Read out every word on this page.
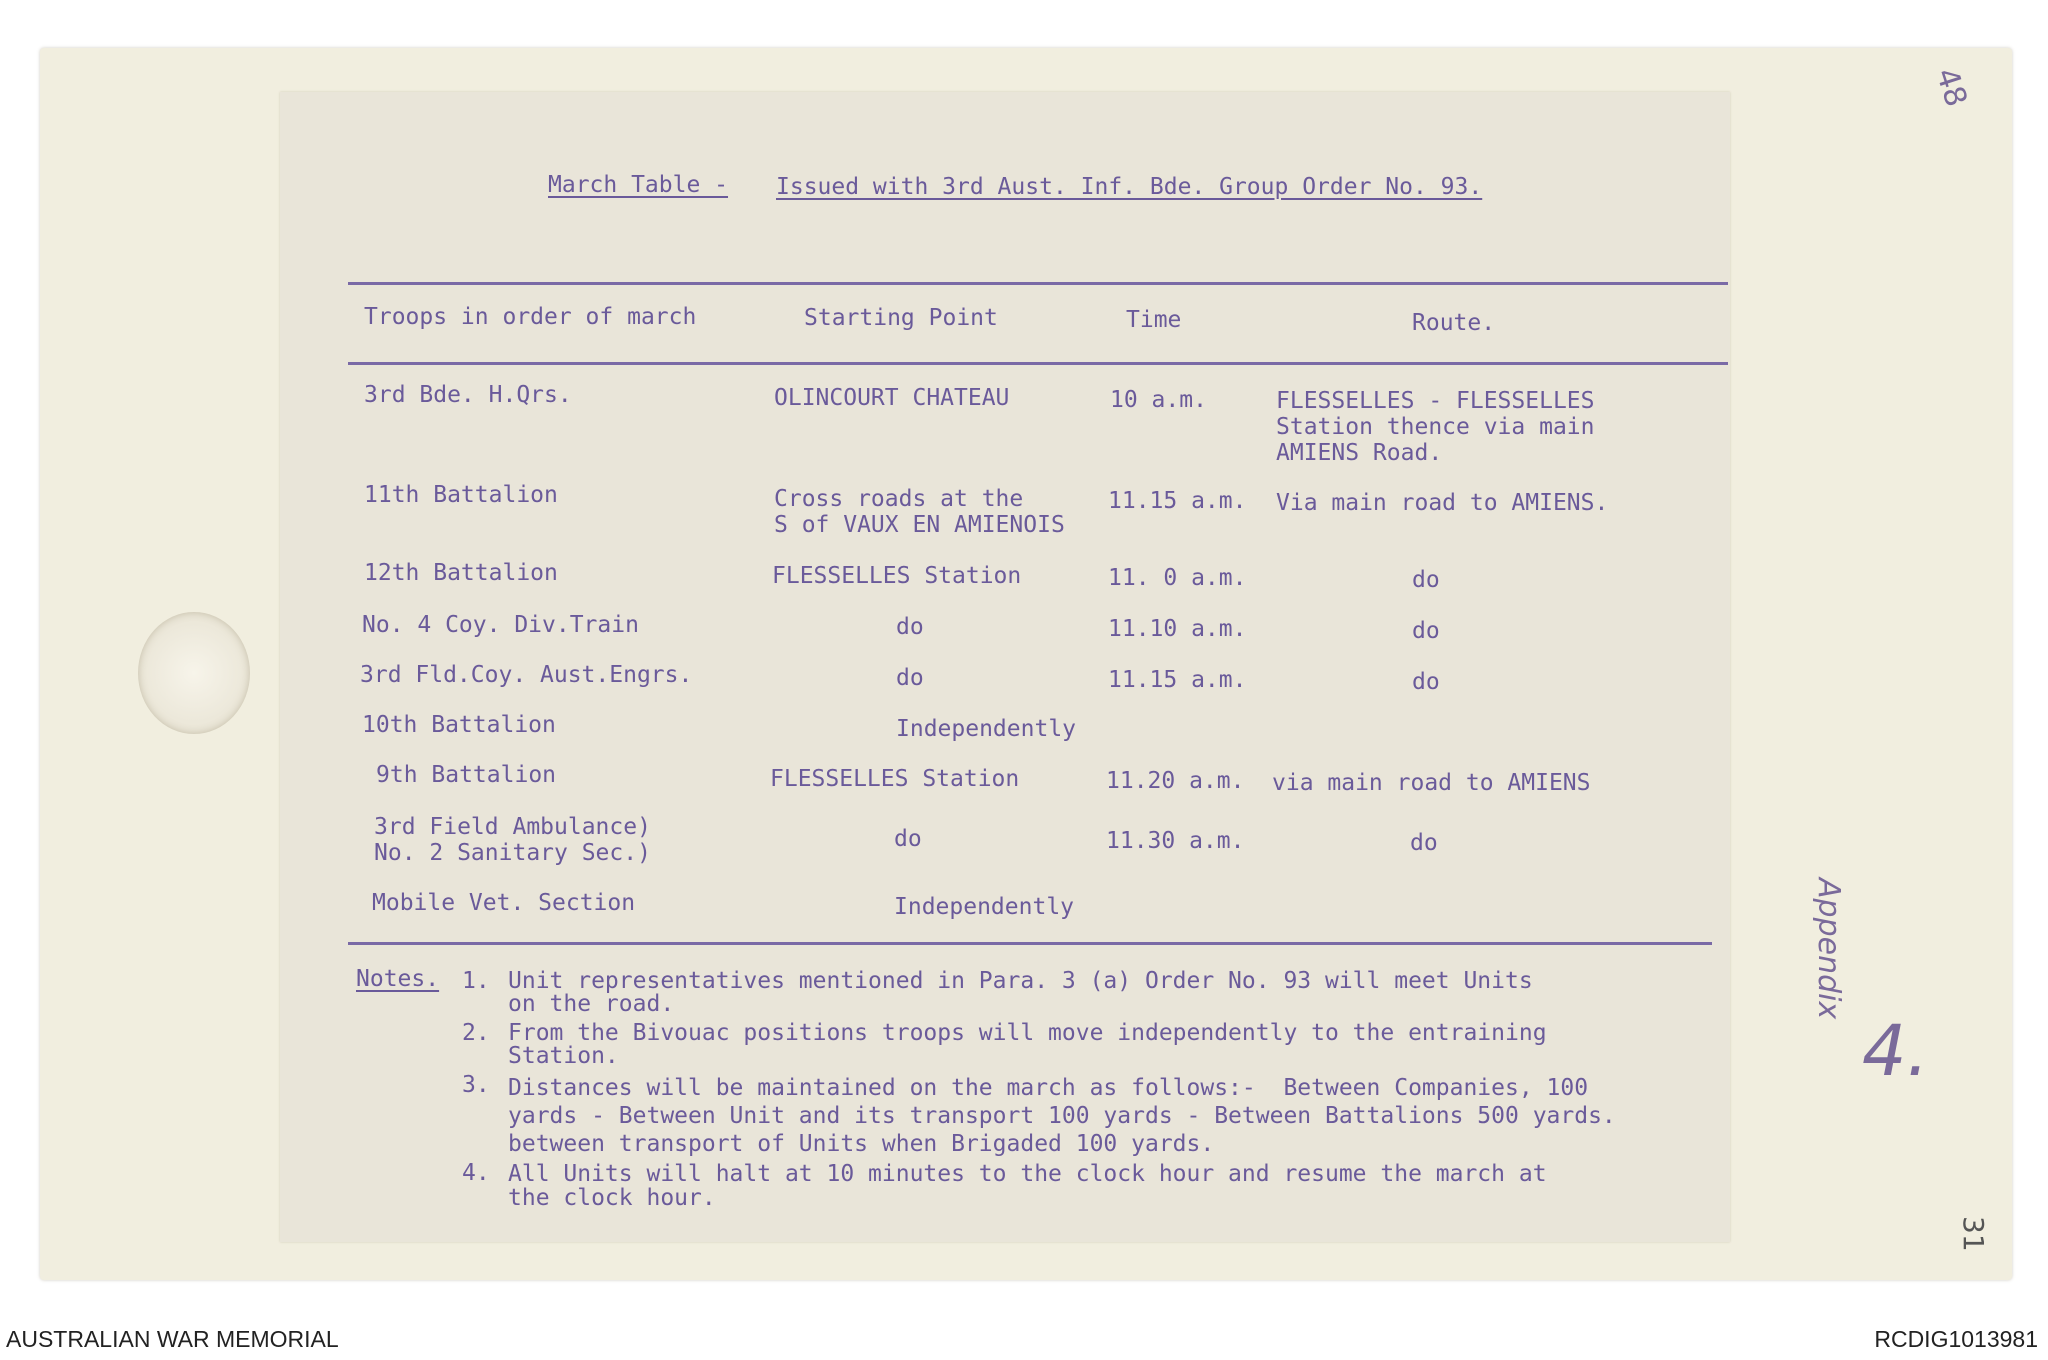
March Table - Issued with 3rd Aust. Inf. Bde. Group Order No. 93.
Troops in order of march	Starting Point	Time	Route.
3rd Bde. H.Qrs.	OLINCOURT CHATEAU	10 a.m.	FLESSELLES - FLESSELLES
Station thence via main
AMIENS Road.
11th Battalion	Cross roads at the
S of VAUX EN AMIENOIS
11.15 a.m. Via main road to AMIENS.
12th Battalion	FLESSELLES Station	11. 0 a.m.	do
No. 4 Coy. Div.Train	do	11.10 a.m.	do
3rd Fld.Coy. Aust.Engrs.	do	11.15 a.m.	do
10th Battalion	Independently
9th Battalion	FLESSELLES Station	11.20 a.m. via main road to AMIENS
3rd Field Ambulance)
No. 2 Sanitary Sec.)
do	11.30 a.m.	do
Mobile Vet. Section	Independently
Notes. 1. Unit representatives mentioned in Para. 3 (a) Order No. 93 will meet Units
on the road.
2. From the Bivouac positions troops will move independently to the entraining
Station.
3. Distances will be maintained on the march as follows:-  Between Companies, 100
yards - Between Unit and its transport 100 yards - Between Battalions 500 yards.
between transport of Units when Brigaded 100 yards.
4. All Units will halt at 10 minutes to the clock hour and resume the march at
the clock hour.
48
Appendix
4.
31
AUSTRALIAN WAR MEMORIAL	RCDIG1013981
